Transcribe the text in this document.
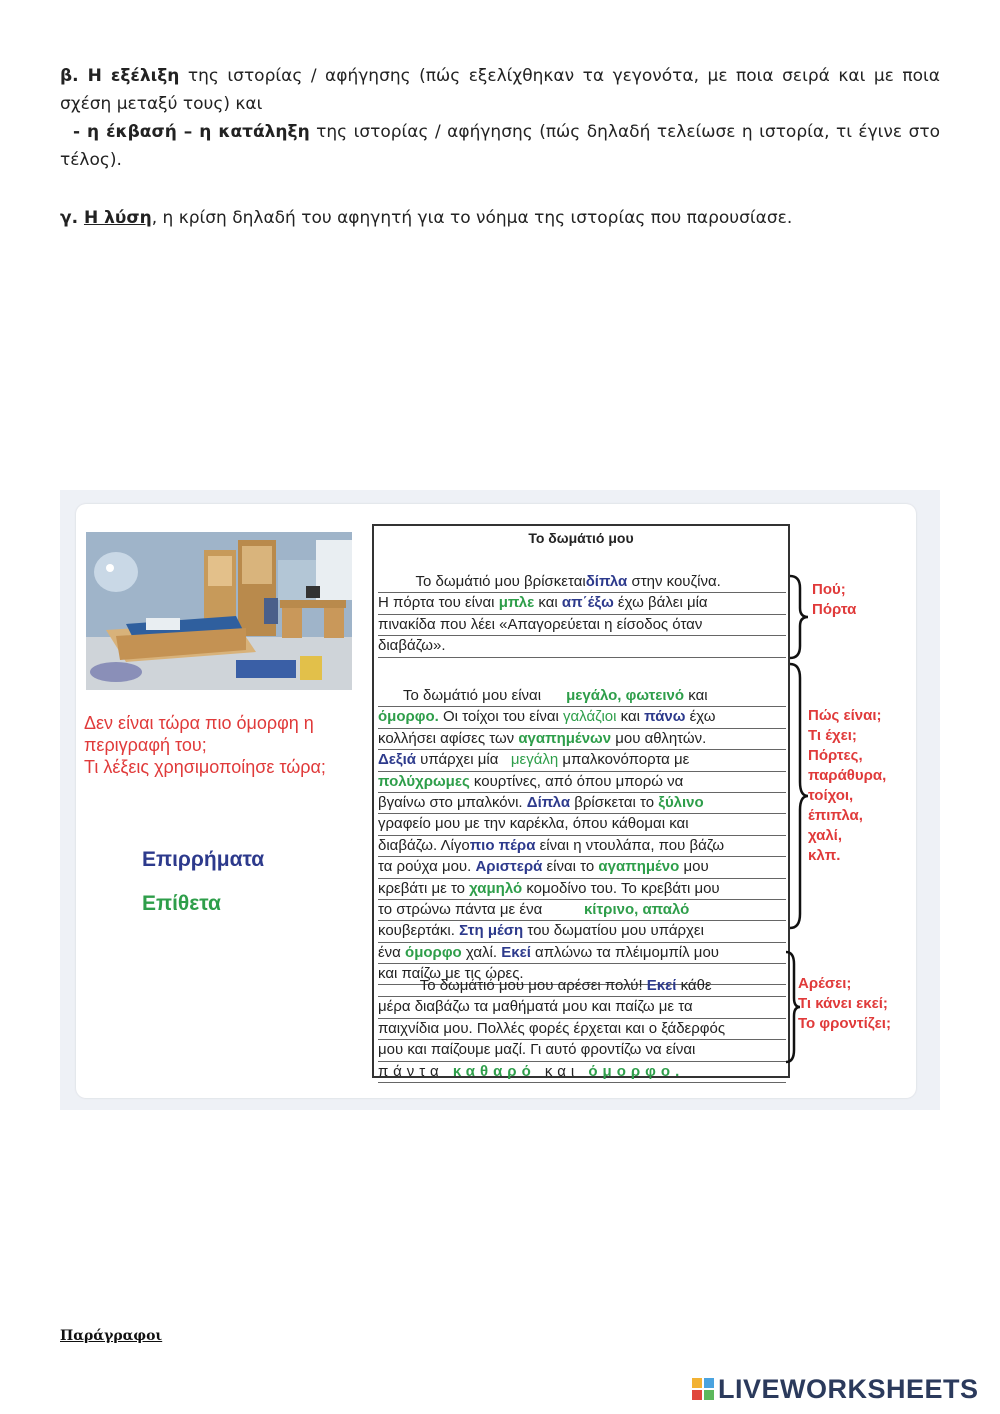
β. Η εξέλιξη της ιστορίας / αφήγησης (πώς εξελίχθηκαν τα γεγονότα, με ποια σειρά και με ποια σχέση μεταξύ τους) και
- η έκβασή – η κατάληξη της ιστορίας / αφήγησης (πώς δηλαδή τελείωσε η ιστορία, τι έγινε στο τέλος).
γ. Η λύση, η κρίση δηλαδή του αφηγητή για το νόημα της ιστορίας που παρουσίασε.
Δεν είναι τώρα πιο όμορφη η
περιγραφή του;
Τι λέξεις χρησιμοποίησε τώρα;
Επιρρήματα
Επίθετα
Το δωμάτιό μου
Το δωμάτιό μου βρίσκεταιδίπλα στην κουζίνα.
Η πόρτα του είναι μπλε και απ΄έξω έχω βάλει μία
πινακίδα που λέει «Απαγορεύεται η είσοδος όταν
διαβάζω».
Το δωμάτιό μου είναι      μεγάλο, φωτεινό και
όμορφο. Οι τοίχοι του είναι γαλάζιοι και πάνω έχω
κολλήσει αφίσες των αγαπημένων μου αθλητών.
Δεξιά υπάρχει μία   μεγάλη μπαλκονόπορτα με
πολύχρωμες κουρτίνες, από όπου μπορώ να
βγαίνω στο μπαλκόνι. Δίπλα βρίσκεται το ξύλινο
γραφείο μου με την καρέκλα, όπου κάθομαι και
διαβάζω. Λίγοπιο πέρα είναι η ντουλάπα, που βάζω
τα ρούχα μου. Αριστερά είναι το αγαπημένο μου
κρεβάτι με το χαμηλό κομοδίνο του. Το κρεβάτι μου
το στρώνω πάντα με ένα	κίτρινο, απαλό
κουβερτάκι. Στη μέση του δωματίου μου υπάρχει
ένα όμορφο χαλί. Εκεί απλώνω τα πλέιμομπίλ μου
και παίζω με τις ώρες.
Το δωμάτιό μου μου αρέσει πολύ! Εκεί κάθε
μέρα διαβάζω τα μαθήματά μου και παίζω με τα
παιχνίδια μου. Πολλές φορές έρχεται και ο ξάδερφός
μου και παίζουμε μαζί. Γι αυτό φροντίζω να είναι
πάντα καθαρό και όμορφο.
Πού;
Πόρτα
Πώς είναι;
Τι έχει;
Πόρτες,
παράθυρα,
τοίχοι,
έπιπλα,
χαλί,
κλπ.
Αρέσει;
Τι κάνει εκεί;
Το φροντίζει;
Παράγραφοι
LIVEWORKSHEETS
